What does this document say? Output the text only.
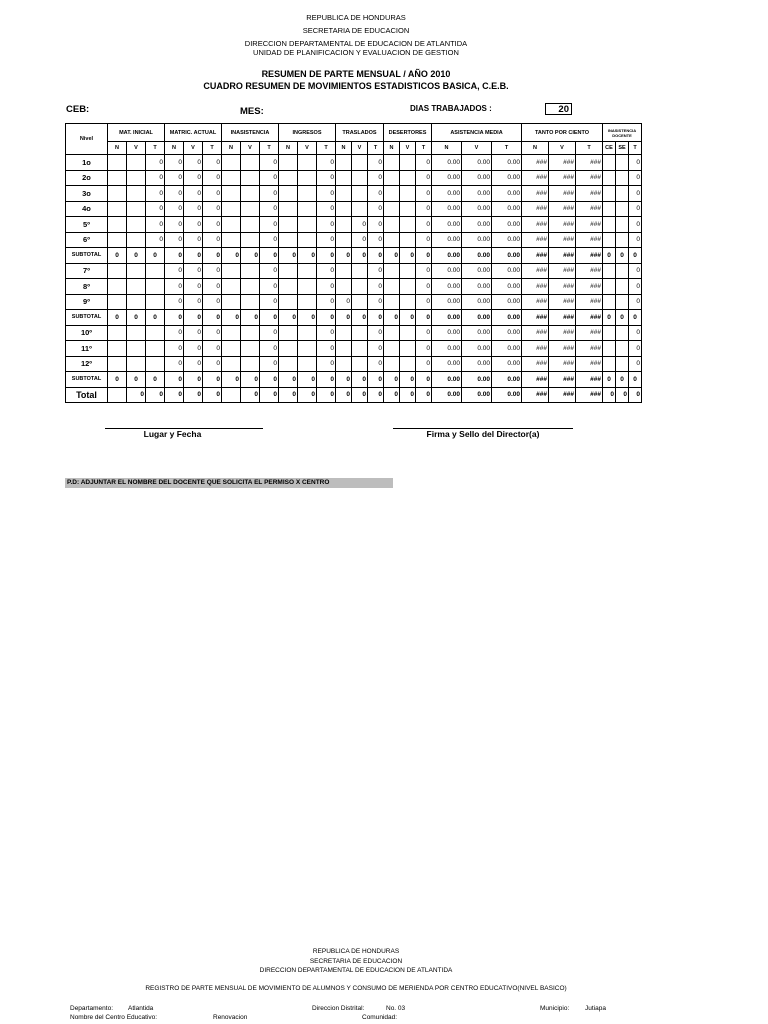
REPUBLICA DE HONDURAS
SECRETARIA DE EDUCACION
DIRECCION DEPARTAMENTAL DE EDUCACION DE ATLANTIDA
UNIDAD DE PLANIFICACION Y EVALUACION DE GESTION
RESUMEN DE PARTE MENSUAL / AÑO 2010
CUADRO RESUMEN DE MOVIMIENTOS ESTADISTICOS BASICA, C.E.B.
CEB:	MES:	DIAS TRABAJADOS :	20
Nivel	MAT. INICIAL			MATRIC. ACTUAL			INASISTENCIA			INGRESOS			TRASLADOS			DESERTORES			ASISTENCIA MEDIA			TANTO POR CIENTO			INASISTENCIA DOCENTE		
	N	V	T	N	V	T	N	V	T	N	V	T	N	V	T	N	V	T	N	V	T	N	V	T	CE	SE	T
1o			0	0	0	0			0			0			0			0	0.00	0.00	0.00	###	###	###			0
2o			0	0	0	0			0			0			0			0	0.00	0.00	0.00	###	###	###			0
3o			0	0	0	0			0			0			0			0	0.00	0.00	0.00	###	###	###			0
4o			0	0	0	0			0			0			0			0	0.00	0.00	0.00	###	###	###			0
5º			0	0	0	0			0			0		0	0			0	0.00	0.00	0.00	###	###	###			0
6º			0	0	0	0			0			0		0	0			0	0.00	0.00	0.00	###	###	###			0
SUBTOTAL	0	0	0	0	0	0	0	0	0	0	0	0	0	0	0	0	0	0	0.00	0.00	0.00	###	###	###	0	0	0
7º				0	0	0			0			0			0			0	0.00	0.00	0.00	###	###	###			0
8º				0	0	0			0			0			0			0	0.00	0.00	0.00	###	###	###			0
9º				0	0	0			0			0	0		0			0	0.00	0.00	0.00	###	###	###			0
SUBTOTAL	0	0	0	0	0	0	0	0	0	0	0	0	0	0	0	0	0	0	0.00	0.00	0.00	###	###	###	0	0	0
10º				0	0	0			0			0			0			0	0.00	0.00	0.00	###	###	###			0
11º				0	0	0			0			0			0			0	0.00	0.00	0.00	###	###	###			0
12º				0	0	0			0			0			0			0	0.00	0.00	0.00	###	###	###			0
SUBTOTAL	0	0	0	0	0	0	0	0	0	0	0	0	0	0	0	0	0	0	0.00	0.00	0.00	###	###	###	0	0	0
Total		0	0	0	0	0		0	0	0	0	0	0	0	0	0	0	0	0.00	0.00	0.00	###	###	###	0	0	0
Lugar y Fecha	Firma y Sello del Director(a)
P.D: ADJUNTAR EL NOMBRE DEL DOCENTE QUE SOLICITA EL PERMISO X CENTRO
REPUBLICA DE HONDURAS
SECRETARIA DE EDUCACION
DIRECCION DEPARTAMENTAL DE EDUCACION DE ATLANTIDA
REGISTRO DE PARTE MENSUAL DE MOVIMIENTO DE ALUMNOS Y CONSUMO DE MERIENDA POR CENTRO EDUCATIVO(NIVEL BASICO)
Departamento: Atlantida	Direccion Distrital:	No. 03	Municipio: Jutiapa
Nombre del Centro Educativo:	Renovacion	Comunidad:
